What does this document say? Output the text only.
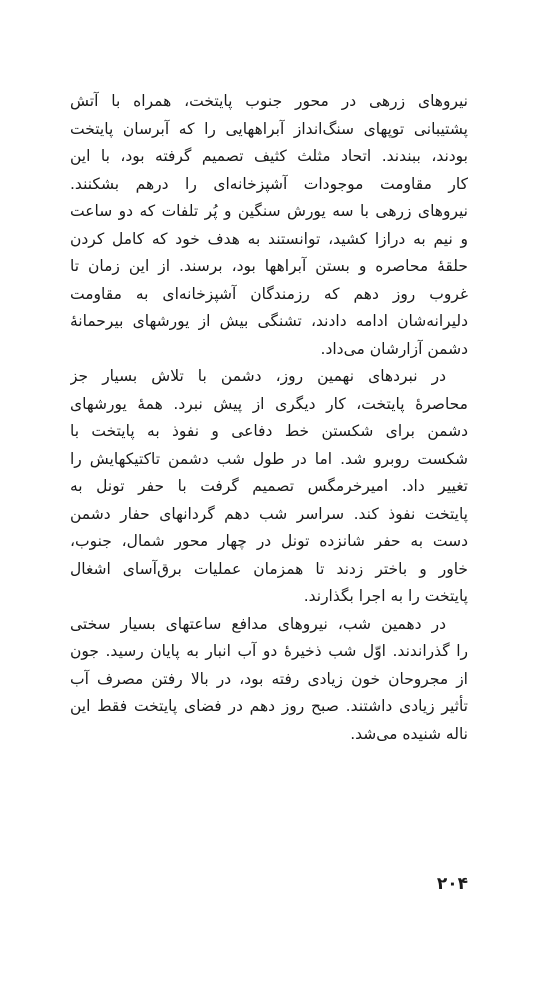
نیروهای زرهی در محور جنوب پایتخت، همراه با آتش
پشتیبانی توپهای سنگ‌انداز آبراههایی را که آبرسان پایتخت
بودند، ببندند. اتحاد مثلث کثیف تصمیم گرفته بود، با این
کار مقاومت موجودات آشپزخانه‌ای را درهم بشکنند.
نیروهای زرهی با سه یورش سنگین و پُر تلفات که دو ساعت
و نیم به درازا کشید، توانستند به هدف خود که کامل کردن
حلقهٔ محاصره و بستن آبراهها بود، برسند. از این زمان تا
غروب روز دهم که رزمندگان آشپزخانه‌ای به مقاومت
دلیرانه‌شان ادامه دادند، تشنگی بیش از یورشهای بیرحمانهٔ
دشمن آزارشان می‌داد.
در نبردهای نهمین روز، دشمن با تلاش بسیار جز
محاصرهٔ پایتخت، کار دیگری از پیش نبرد. همهٔ یورشهای
دشمن برای شکستن خط دفاعی و نفوذ به پایتخت با
شکست روبرو شد. اما در طول شب دشمن تاکتیکهایش را
تغییر داد. امیرخرمگس تصمیم گرفت با حفر تونل به
پایتخت نفوذ کند. سراسر شب دهم گردانهای حفار دشمن
دست به حفر شانزده تونل در چهار محور شمال، جنوب،
خاور و باختر زدند تا همزمان عملیات برق‌آسای اشغال
پایتخت را به اجرا بگذارند.
در دهمین شب، نیروهای مدافع ساعتهای بسیار سختی
را گذراندند. اوّل شب ذخیرهٔ دو آب انبار به پایان رسید. جون
از مجروحان خون زیادی رفته بود، در بالا رفتن مصرف آب
تأثیر زیادی داشتند. صبح روز دهم در فضای پایتخت فقط این
ناله شنیده می‌شد.
۲۰۴
